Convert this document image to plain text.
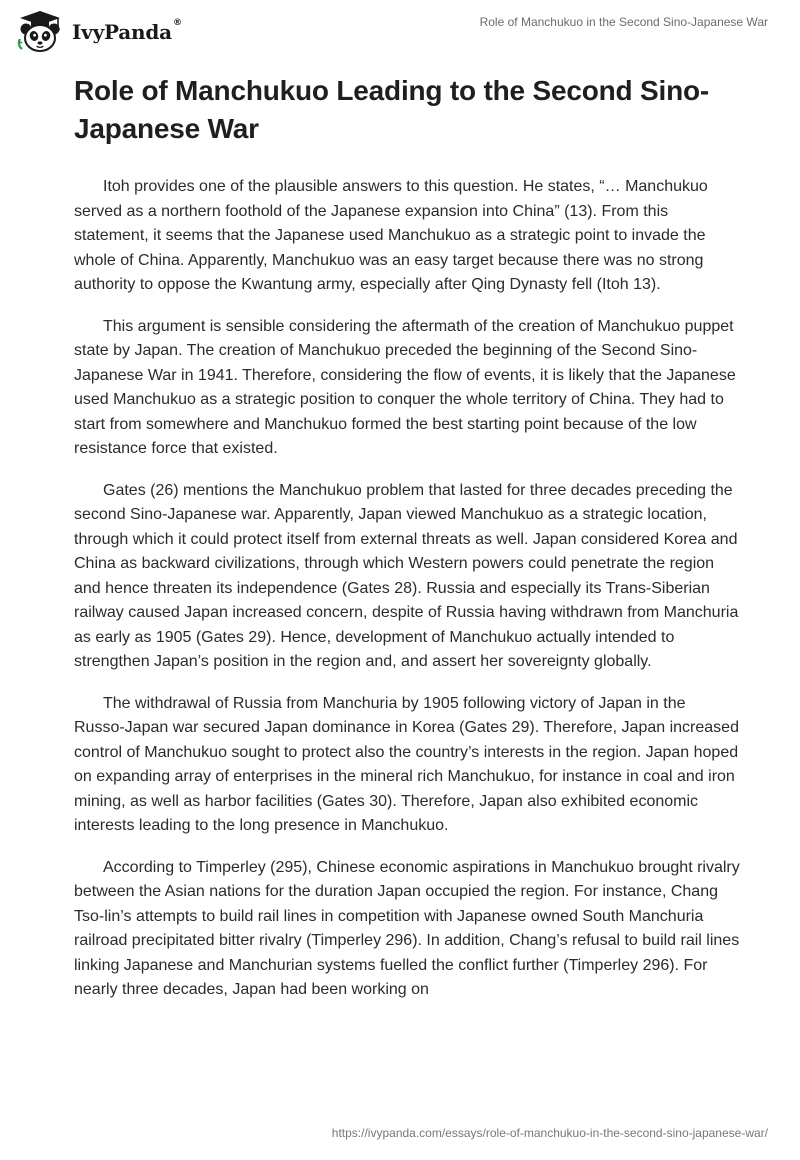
IvyPanda®	Role of Manchukuo in the Second Sino-Japanese War
Role of Manchukuo Leading to the Second Sino-Japanese War

Itoh provides one of the plausible answers to this question. He states, “… Manchukuo served as a northern foothold of the Japanese expansion into China” (13). From this statement, it seems that the Japanese used Manchukuo as a strategic point to invade the whole of China. Apparently, Manchukuo was an easy target because there was no strong authority to oppose the Kwantung army, especially after Qing Dynasty fell (Itoh 13).

This argument is sensible considering the aftermath of the creation of Manchukuo puppet state by Japan. The creation of Manchukuo preceded the beginning of the Second Sino-Japanese War in 1941. Therefore, considering the flow of events, it is likely that the Japanese used Manchukuo as a strategic position to conquer the whole territory of China. They had to start from somewhere and Manchukuo formed the best starting point because of the low resistance force that existed.

Gates (26) mentions the Manchukuo problem that lasted for three decades preceding the second Sino-Japanese war. Apparently, Japan viewed Manchukuo as a strategic location, through which it could protect itself from external threats as well. Japan considered Korea and China as backward civilizations, through which Western powers could penetrate the region and hence threaten its independence (Gates 28). Russia and especially its Trans-Siberian railway caused Japan increased concern, despite of Russia having withdrawn from Manchuria as early as 1905 (Gates 29). Hence, development of Manchukuo actually intended to strengthen Japan’s position in the region and, and assert her sovereignty globally.

The withdrawal of Russia from Manchuria by 1905 following victory of Japan in the Russo-Japan war secured Japan dominance in Korea (Gates 29). Therefore, Japan increased control of Manchukuo sought to protect also the country’s interests in the region. Japan hoped on expanding array of enterprises in the mineral rich Manchukuo, for instance in coal and iron mining, as well as harbor facilities (Gates 30). Therefore, Japan also exhibited economic interests leading to the long presence in Manchukuo.

According to Timperley (295), Chinese economic aspirations in Manchukuo brought rivalry between the Asian nations for the duration Japan occupied the region. For instance, Chang Tso-lin’s attempts to build rail lines in competition with Japanese owned South Manchuria railroad precipitated bitter rivalry (Timperley 296). In addition, Chang’s refusal to build rail lines linking Japanese and Manchurian systems fuelled the conflict further (Timperley 296). For nearly three decades, Japan had been working on

https://ivypanda.com/essays/role-of-manchukuo-in-the-second-sino-japanese-war/
